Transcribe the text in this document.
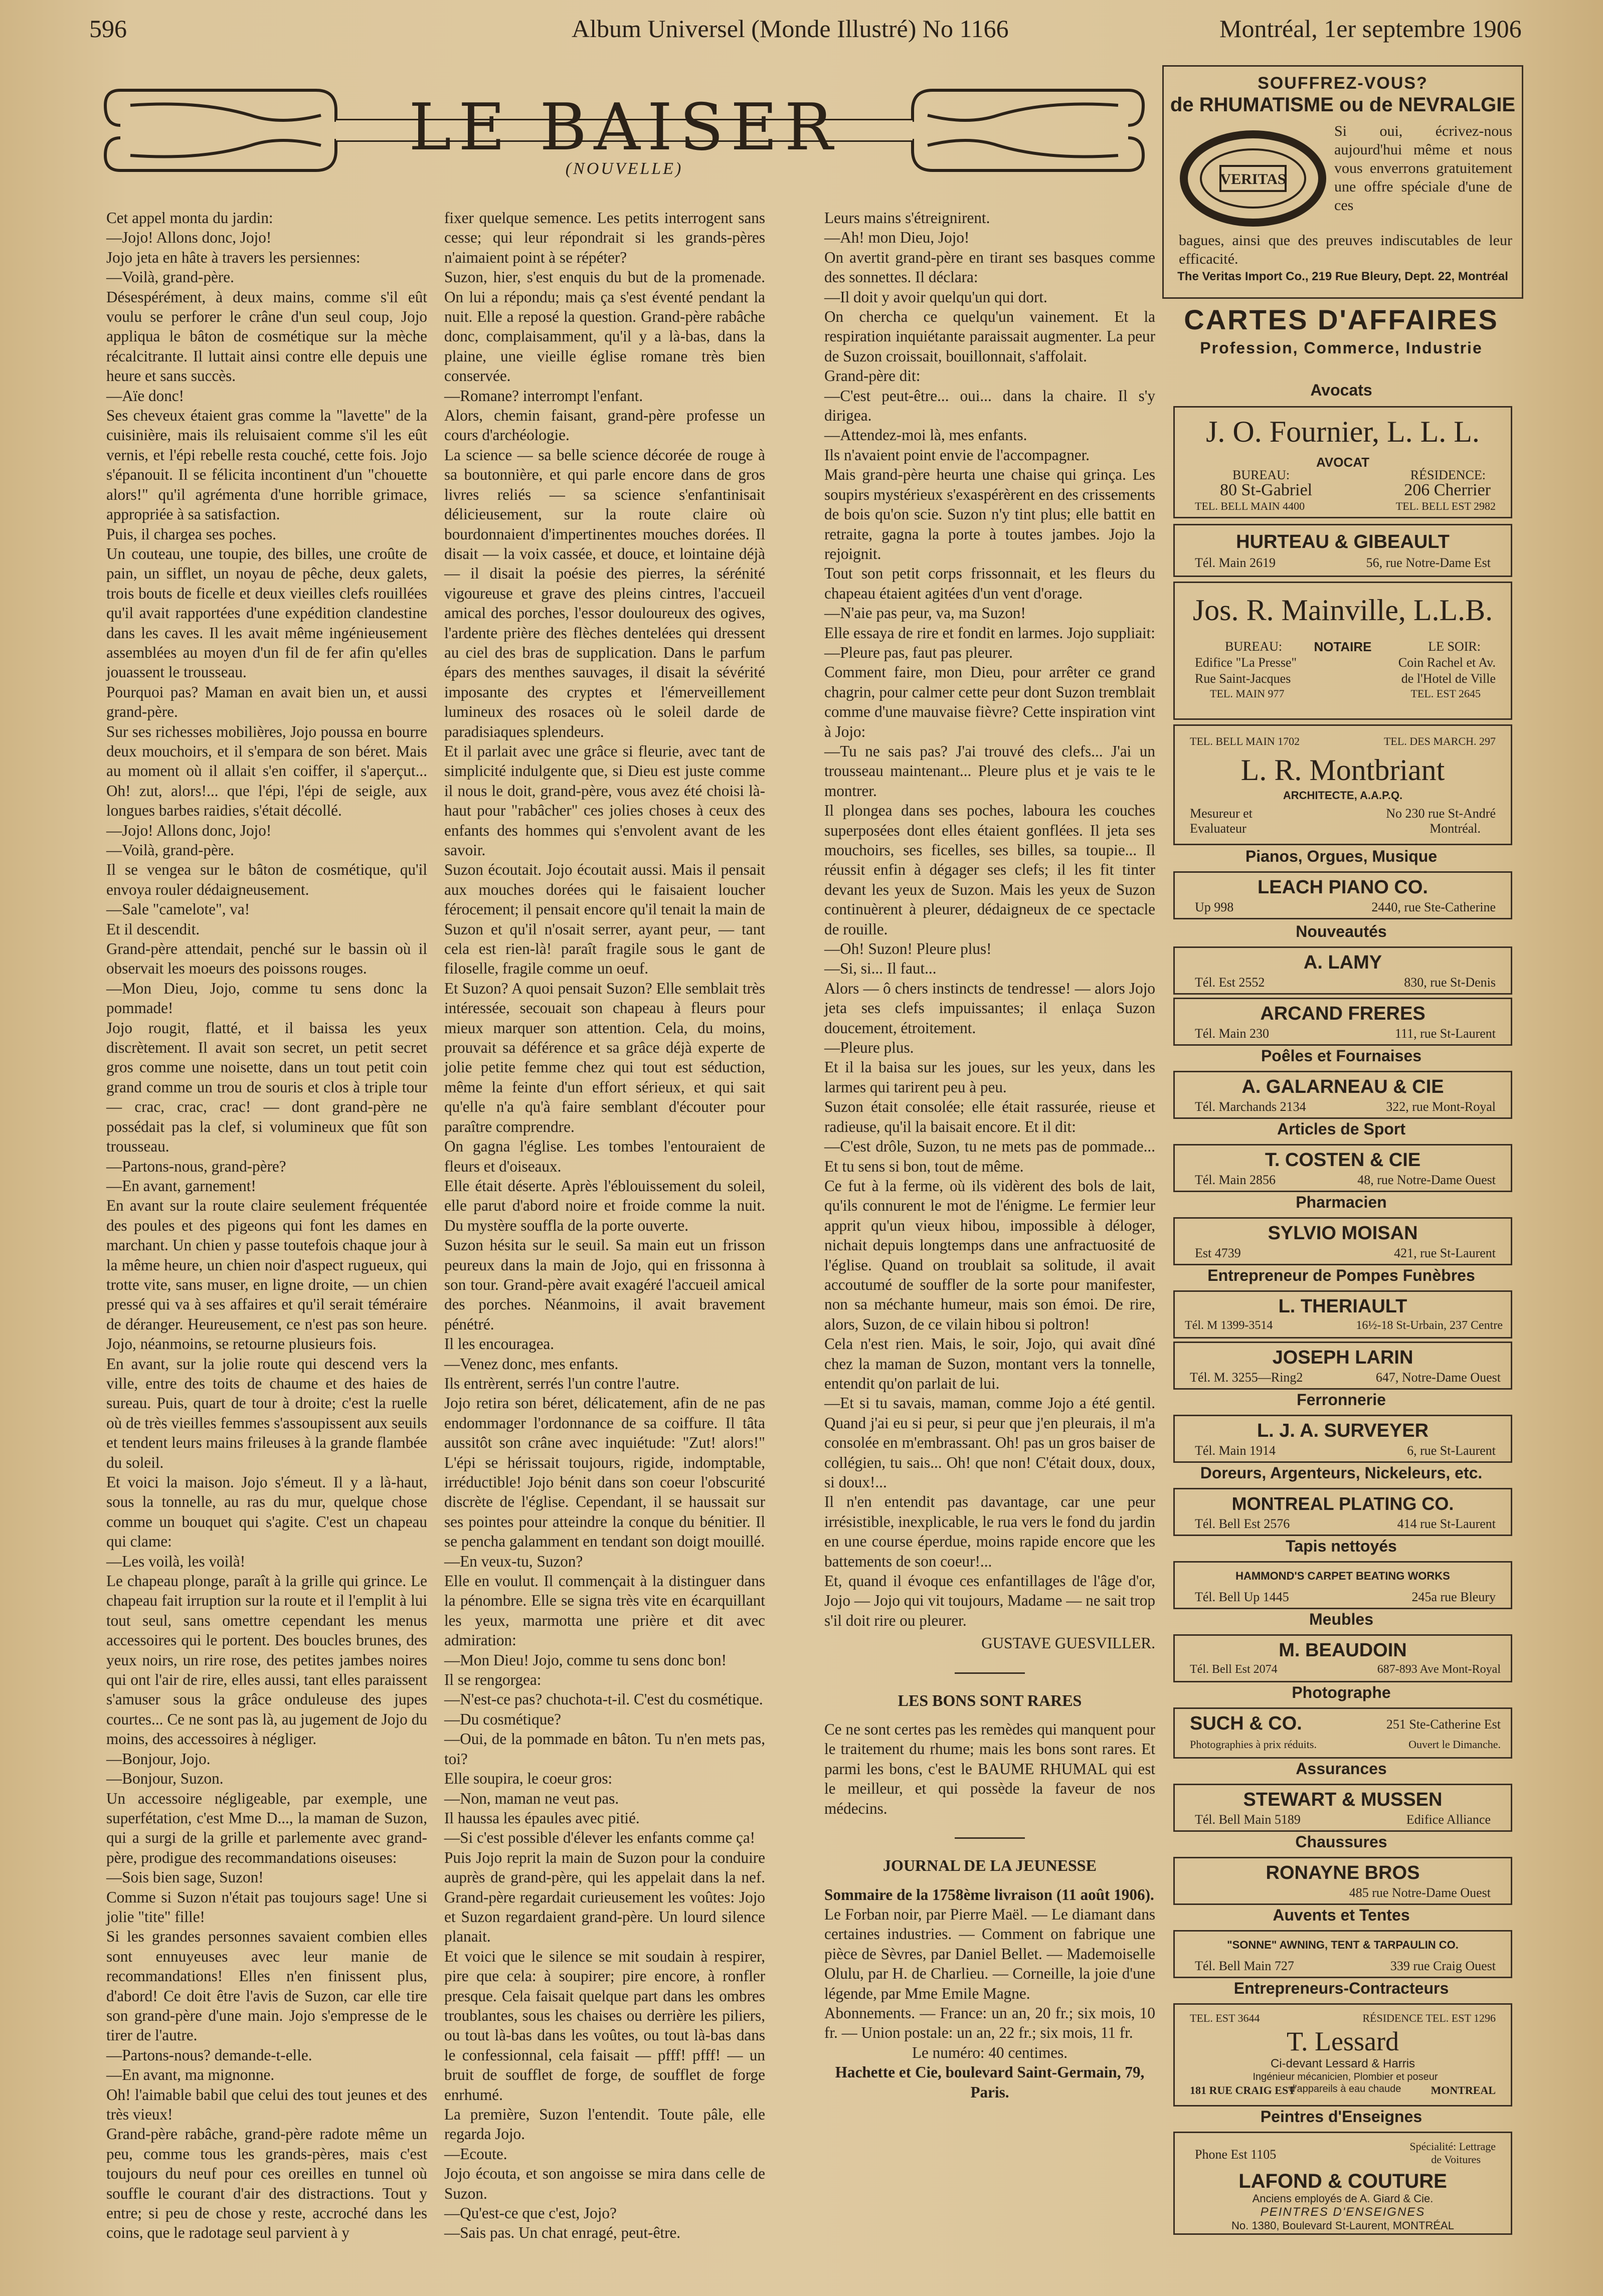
596	Album Universel (Monde Illustré) No 1166	Montréal, 1er septembre 1906
LE BAISER
(NOUVELLE)

Cet appel monta du jardin:

—Jojo! Allons donc, Jojo!

Jojo jeta en hâte à travers les persiennes:

—Voilà, grand-père.

Désespérément, à deux mains, comme s'il eût voulu se perforer le crâne d'un seul coup, Jojo appliqua le bâton de cosmétique sur la mèche récalcitrante. Il luttait ainsi contre elle depuis une heure et sans succès.

—Aïe donc!

Ses cheveux étaient gras comme la "lavette" de la cuisinière, mais ils reluisaient comme s'il les eût vernis, et l'épi rebelle resta couché, cette fois. Jojo s'épanouit. Il se félicita incontinent d'un "chouette alors!" qu'il agrémenta d'une horrible grimace, appropriée à sa satisfaction.

Puis, il chargea ses poches.

Un couteau, une toupie, des billes, une croûte de pain, un sifflet, un noyau de pêche, deux galets, trois bouts de ficelle et deux vieilles clefs rouillées qu'il avait rapportées d'une expédition clandestine dans les caves. Il les avait même ingénieusement assemblées au moyen d'un fil de fer afin qu'elles jouassent le trousseau.

Pourquoi pas? Maman en avait bien un, et aussi grand-père.

Sur ses richesses mobilières, Jojo poussa en bourre deux mouchoirs, et il s'empara de son béret. Mais au moment où il allait s'en coiffer, il s'aperçut... Oh! zut, alors!... que l'épi, l'épi de seigle, aux longues barbes raidies, s'était décollé.

—Jojo! Allons donc, Jojo!

—Voilà, grand-père.

Il se vengea sur le bâton de cosmétique, qu'il envoya rouler dédaigneusement.

—Sale "camelote", va!

Et il descendit.

Grand-père attendait, penché sur le bassin où il observait les moeurs des poissons rouges.

—Mon Dieu, Jojo, comme tu sens donc la pommade!

Jojo rougit, flatté, et il baissa les yeux discrètement. Il avait son secret, un petit secret gros comme une noisette, dans un tout petit coin grand comme un trou de souris et clos à triple tour — crac, crac, crac! — dont grand-père ne possédait pas la clef, si volumineux que fût son trousseau.

—Partons-nous, grand-père?

—En avant, garnement!

En avant sur la route claire seulement fréquentée des poules et des pigeons qui font les dames en marchant. Un chien y passe toutefois chaque jour à la même heure, un chien noir d'aspect rugueux, qui trotte vite, sans muser, en ligne droite, — un chien pressé qui va à ses affaires et qu'il serait téméraire de déranger. Heureusement, ce n'est pas son heure. Jojo, néanmoins, se retourne plusieurs fois.

En avant, sur la jolie route qui descend vers la ville, entre des toits de chaume et des haies de sureau. Puis, quart de tour à droite; c'est la ruelle où de très vieilles femmes s'assoupissent aux seuils et tendent leurs mains frileuses à la grande flambée du soleil.

Et voici la maison. Jojo s'émeut. Il y a là-haut, sous la tonnelle, au ras du mur, quelque chose comme un bouquet qui s'agite. C'est un chapeau qui clame:

—Les voilà, les voilà!

Le chapeau plonge, paraît à la grille qui grince. Le chapeau fait irruption sur la route et il l'emplit à lui tout seul, sans omettre cependant les menus accessoires qui le portent. Des boucles brunes, des yeux noirs, un rire rose, des petites jambes noires qui ont l'air de rire, elles aussi, tant elles paraissent s'amuser sous la grâce onduleuse des jupes courtes... Ce ne sont pas là, au jugement de Jojo du moins, des accessoires à négliger.

—Bonjour, Jojo.

—Bonjour, Suzon.

Un accessoire négligeable, par exemple, une superfétation, c'est Mme D..., la maman de Suzon, qui a surgi de la grille et parlemente avec grand-père, prodigue des recommandations oiseuses:

—Sois bien sage, Suzon!

Comme si Suzon n'était pas toujours sage! Une si jolie "tite" fille!

Si les grandes personnes savaient combien elles sont ennuyeuses avec leur manie de recommandations! Elles n'en finissent plus, d'abord! Ce doit être l'avis de Suzon, car elle tire son grand-père d'une main. Jojo s'empresse de le tirer de l'autre.

—Partons-nous? demande-t-elle.

—En avant, ma mignonne.

Oh! l'aimable babil que celui des tout jeunes et des très vieux!

Grand-père rabâche, grand-père radote même un peu, comme tous les grands-pères, mais c'est toujours du neuf pour ces oreilles en tunnel où souffle le courant d'air des distractions. Tout y entre; si peu de chose y reste, accroché dans les coins, que le radotage seul parvient à y

fixer quelque semence. Les petits interrogent sans cesse; qui leur répondrait si les grands-pères n'aimaient point à se répéter?

Suzon, hier, s'est enquis du but de la promenade. On lui a répondu; mais ça s'est éventé pendant la nuit. Elle a reposé la question. Grand-père rabâche donc, complaisamment, qu'il y a là-bas, dans la plaine, une vieille église romane très bien conservée.

—Romane? interrompt l'enfant.

Alors, chemin faisant, grand-père professe un cours d'archéologie.

La science — sa belle science décorée de rouge à sa boutonnière, et qui parle encore dans de gros livres reliés — sa science s'enfantinisait délicieusement, sur la route claire où bourdonnaient d'impertinentes mouches dorées. Il disait — la voix cassée, et douce, et lointaine déjà — il disait la poésie des pierres, la sérénité vigoureuse et grave des pleins cintres, l'accueil amical des porches, l'essor douloureux des ogives, l'ardente prière des flèches dentelées qui dressent au ciel des bras de supplication. Dans le parfum épars des menthes sauvages, il disait la sévérité imposante des cryptes et l'émerveillement lumineux des rosaces où le soleil darde de paradisiaques splendeurs.

Et il parlait avec une grâce si fleurie, avec tant de simplicité indulgente que, si Dieu est juste comme il nous le doit, grand-père, vous avez été choisi là-haut pour "rabâcher" ces jolies choses à ceux des enfants des hommes qui s'envolent avant de les savoir.

Suzon écoutait. Jojo écoutait aussi. Mais il pensait aux mouches dorées qui le faisaient loucher férocement; il pensait encore qu'il tenait la main de Suzon et qu'il n'osait serrer, ayant peur, — tant cela est rien-là! paraît fragile sous le gant de filoselle, fragile comme un oeuf.

Et Suzon? A quoi pensait Suzon? Elle semblait très intéressée, secouait son chapeau à fleurs pour mieux marquer son attention. Cela, du moins, prouvait sa déférence et sa grâce déjà experte de jolie petite femme chez qui tout est séduction, même la feinte d'un effort sérieux, et qui sait qu'elle n'a qu'à faire semblant d'écouter pour paraître comprendre.

On gagna l'église. Les tombes l'entouraient de fleurs et d'oiseaux.

Elle était déserte. Après l'éblouissement du soleil, elle parut d'abord noire et froide comme la nuit. Du mystère souffla de la porte ouverte.

Suzon hésita sur le seuil. Sa main eut un frisson peureux dans la main de Jojo, qui en frissonna à son tour. Grand-père avait exagéré l'accueil amical des porches. Néanmoins, il avait bravement pénétré.

Il les encouragea.

—Venez donc, mes enfants.

Ils entrèrent, serrés l'un contre l'autre.

Jojo retira son béret, délicatement, afin de ne pas endommager l'ordonnance de sa coiffure. Il tâta aussitôt son crâne avec inquiétude: "Zut! alors!" L'épi se hérissait toujours, rigide, indomptable, irréductible! Jojo bénit dans son coeur l'obscurité discrète de l'église. Cependant, il se haussait sur ses pointes pour atteindre la conque du bénitier. Il se pencha galamment en tendant son doigt mouillé.

—En veux-tu, Suzon?

Elle en voulut. Il commençait à la distinguer dans la pénombre. Elle se signa très vite en écarquillant les yeux, marmotta une prière et dit avec admiration:

—Mon Dieu! Jojo, comme tu sens donc bon!

Il se rengorgea:

—N'est-ce pas? chuchota-t-il. C'est du cosmétique.

—Du cosmétique?

—Oui, de la pommade en bâton. Tu n'en mets pas, toi?

Elle soupira, le coeur gros:

—Non, maman ne veut pas.

Il haussa les épaules avec pitié.

—Si c'est possible d'élever les enfants comme ça!

Puis Jojo reprit la main de Suzon pour la conduire auprès de grand-père, qui les appelait dans la nef. Grand-père regardait curieusement les voûtes: Jojo et Suzon regardaient grand-père. Un lourd silence planait.

Et voici que le silence se mit soudain à respirer, pire que cela: à soupirer; pire encore, à ronfler presque. Cela faisait quelque part dans les ombres troublantes, sous les chaises ou derrière les piliers, ou tout là-bas dans les voûtes, ou tout là-bas dans le confessionnal, cela faisait — pfff! pfff! — un bruit de soufflet de forge, de soufflet de forge enrhumé.

La première, Suzon l'entendit. Toute pâle, elle regarda Jojo.

—Ecoute.

Jojo écouta, et son angoisse se mira dans celle de Suzon.

—Qu'est-ce que c'est, Jojo?

—Sais pas. Un chat enragé, peut-être.

Leurs mains s'étreignirent.

—Ah! mon Dieu, Jojo!

On avertit grand-père en tirant ses basques comme des sonnettes. Il déclara:

—Il doit y avoir quelqu'un qui dort.

On chercha ce quelqu'un vainement. Et la respiration inquiétante paraissait augmenter. La peur de Suzon croissait, bouillonnait, s'affolait.

Grand-père dit:

—C'est peut-être... oui... dans la chaire. Il s'y dirigea.

—Attendez-moi là, mes enfants.

Ils n'avaient point envie de l'accompagner.

Mais grand-père heurta une chaise qui grinça. Les soupirs mystérieux s'exaspérèrent en des crissements de bois qu'on scie. Suzon n'y tint plus; elle battit en retraite, gagna la porte à toutes jambes. Jojo la rejoignit.

Tout son petit corps frissonnait, et les fleurs du chapeau étaient agitées d'un vent d'orage.

—N'aie pas peur, va, ma Suzon!

Elle essaya de rire et fondit en larmes. Jojo suppliait:

—Pleure pas, faut pas pleurer.

Comment faire, mon Dieu, pour arrêter ce grand chagrin, pour calmer cette peur dont Suzon tremblait comme d'une mauvaise fièvre? Cette inspiration vint à Jojo:

—Tu ne sais pas? J'ai trouvé des clefs... J'ai un trousseau maintenant... Pleure plus et je vais te le montrer.

Il plongea dans ses poches, laboura les couches superposées dont elles étaient gonflées. Il jeta ses mouchoirs, ses ficelles, ses billes, sa toupie... Il réussit enfin à dégager ses clefs; il les fit tinter devant les yeux de Suzon. Mais les yeux de Suzon continuèrent à pleurer, dédaigneux de ce spectacle de rouille.

—Oh! Suzon! Pleure plus!

—Si, si... Il faut...

Alors — ô chers instincts de tendresse! — alors Jojo jeta ses clefs impuissantes; il enlaça Suzon doucement, étroitement.

—Pleure plus.

Et il la baisa sur les joues, sur les yeux, dans les larmes qui tarirent peu à peu.

Suzon était consolée; elle était rassurée, rieuse et radieuse, qu'il la baisait encore. Et il dit:

—C'est drôle, Suzon, tu ne mets pas de pommade... Et tu sens si bon, tout de même.

Ce fut à la ferme, où ils vidèrent des bols de lait, qu'ils connurent le mot de l'énigme. Le fermier leur apprit qu'un vieux hibou, impossible à déloger, nichait depuis longtemps dans une anfractuosité de l'église. Quand on troublait sa solitude, il avait accoutumé de souffler de la sorte pour manifester, non sa méchante humeur, mais son émoi. De rire, alors, Suzon, de ce vilain hibou si poltron!

Cela n'est rien. Mais, le soir, Jojo, qui avait dîné chez la maman de Suzon, montant vers la tonnelle, entendit qu'on parlait de lui.

—Et si tu savais, maman, comme Jojo a été gentil. Quand j'ai eu si peur, si peur que j'en pleurais, il m'a consolée en m'embrassant. Oh! pas un gros baiser de collégien, tu sais... Oh! que non! C'était doux, doux, si doux!...

Il n'en entendit pas davantage, car une peur irrésistible, inexplicable, le rua vers le fond du jardin en une course éperdue, moins rapide encore que les battements de son coeur!...

Et, quand il évoque ces enfantillages de l'âge d'or, Jojo — Jojo qui vit toujours, Madame — ne sait trop s'il doit rire ou pleurer.

GUSTAVE GUESVILLER.

LES BONS SONT RARES

Ce ne sont certes pas les remèdes qui manquent pour le traitement du rhume; mais les bons sont rares. Et parmi les bons, c'est le BAUME RHUMAL qui est le meilleur, et qui possède la faveur de nos médecins.

JOURNAL DE LA JEUNESSE

Sommaire de la 1758ème livraison (11 août 1906).

Le Forban noir, par Pierre Maël. — Le diamant dans certaines industries. — Comment on fabrique une pièce de Sèvres, par Daniel Bellet. — Mademoiselle Olulu, par H. de Charlieu. — Corneille, la joie d'une légende, par Mme Emile Magne.

Abonnements. — France: un an, 20 fr.; six mois, 10 fr. — Union postale: un an, 22 fr.; six mois, 11 fr.

Le numéro: 40 centimes.

Hachette et Cie, boulevard Saint-Germain, 79, Paris.

SOUFFREZ-VOUS?
de RHUMATISME ou de NEVRALGIE
VERITAS
Si oui, écrivez-nous aujourd'hui même et nous vous enverrons gratuitement une offre spéciale d'une de ces
bagues, ainsi que des preuves indiscutables de leur efficacité.
The Veritas Import Co., 219 Rue Bleury, Dept. 22, Montréal
CARTES D'AFFAIRES
Profession, Commerce, Industrie
Avocats
J. O. Fournier, L. L. L.
AVOCAT
BUREAU:
80 St-Gabriel
TEL. BELL MAIN 4400
RÉSIDENCE:
206 Cherrier
TEL. BELL EST 2982
HURTEAU & GIBEAULT
Tél. Main 2619	56, rue Notre-Dame Est
Jos. R. Mainville, L.L.B.
BUREAU:	NOTAIRE	LE SOIR:
Edifice "La Presse"
Rue Saint-Jacques
TEL. MAIN 977
Coin Rachel et Av.
de l'Hotel de Ville
TEL. EST 2645
TEL. BELL MAIN 1702	TEL. DES MARCH. 297
L. R. Montbriant
ARCHITECTE, A.A.P.Q.
Mesureur et
Evaluateur
No 230 rue St-André
Montréal.
Pianos, Orgues, Musique
LEACH PIANO CO.
Up 998	2440, rue Ste-Catherine
Nouveautés
A. LAMY
Tél. Est 2552	830, rue St-Denis
ARCAND FRERES
Tél. Main 230	111, rue St-Laurent
Poêles et Fournaises
A. GALARNEAU & CIE
Tél. Marchands 2134	322, rue Mont-Royal
Articles de Sport
T. COSTEN & CIE
Tél. Main 2856	48, rue Notre-Dame Ouest
Pharmacien
SYLVIO MOISAN
Est 4739	421, rue St-Laurent
Entrepreneur de Pompes Funèbres
L. THERIAULT
Tél. M 1399-3514	16½-18 St-Urbain, 237 Centre
JOSEPH LARIN
Tél. M. 3255—Ring2	647, Notre-Dame Ouest
Ferronnerie
L. J. A. SURVEYER
Tél. Main 1914	6, rue St-Laurent
Doreurs, Argenteurs, Nickeleurs, etc.
MONTREAL PLATING CO.
Tél. Bell Est 2576	414 rue St-Laurent
Tapis nettoyés
HAMMOND'S CARPET BEATING WORKS
Tél. Bell Up 1445	245a rue Bleury
Meubles
M. BEAUDOIN
Tél. Bell Est 2074	687-893 Ave Mont-Royal
Photographe
SUCH & CO.	251 Ste-Catherine Est
Photographies à prix réduits.	Ouvert le Dimanche.
Assurances
STEWART & MUSSEN
Tél. Bell Main 5189	Edifice Alliance
Chaussures
RONAYNE BROS
485 rue Notre-Dame Ouest
Auvents et Tentes
"SONNE" AWNING, TENT & TARPAULIN CO.
Tél. Bell Main 727	339 rue Craig Ouest
Entrepreneurs-Contracteurs
TEL. EST 3644	RÉSIDENCE TEL. EST 1296
T. Lessard
Ci-devant Lessard & Harris
Ingénieur mécanicien, Plombier et poseur d'appareils à eau chaude
181 RUE CRAIG EST	MONTREAL
Peintres d'Enseignes
Phone Est 1105
Spécialité: Lettrage
de Voitures
LAFOND & COUTURE
Anciens employés de A. Giard & Cie.
PEINTRES D'ENSEIGNES
No. 1380, Boulevard St-Laurent, MONTRÉAL
